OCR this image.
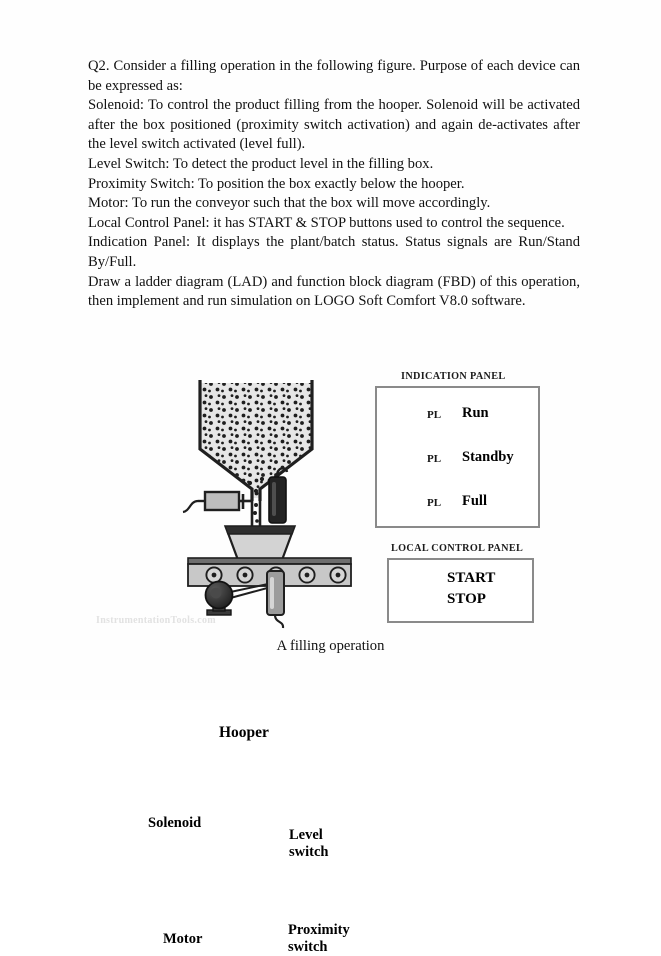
Q2. Consider a filling operation in the following figure. Purpose of each device can be expressed as:

Solenoid: To control the product filling from the hooper. Solenoid will be activated after the box positioned (proximity switch activation) and again de-activates after the level switch activated (level full).

Level Switch: To detect the product level in the filling box.

Proximity Switch: To position the box exactly below the hooper.

Motor: To run the conveyor such that the box will move accordingly.

Local Control Panel: it has START & STOP buttons used to control the sequence.

Indication Panel: It displays the plant/batch status. Status signals are Run/Stand By/Full.

Draw a ladder diagram (LAD) and function block diagram (FBD) of this operation, then implement and run simulation on LOGO Soft Comfort V8.0 software.

Hooper
Solenoid
Level
switch
Motor
Proximity
switch
INDICATION PANEL
Run
Standby
Full
PL
PL
PL
LOCAL CONTROL PANEL
START
STOP
InstrumentationTools.com
A filling operation
